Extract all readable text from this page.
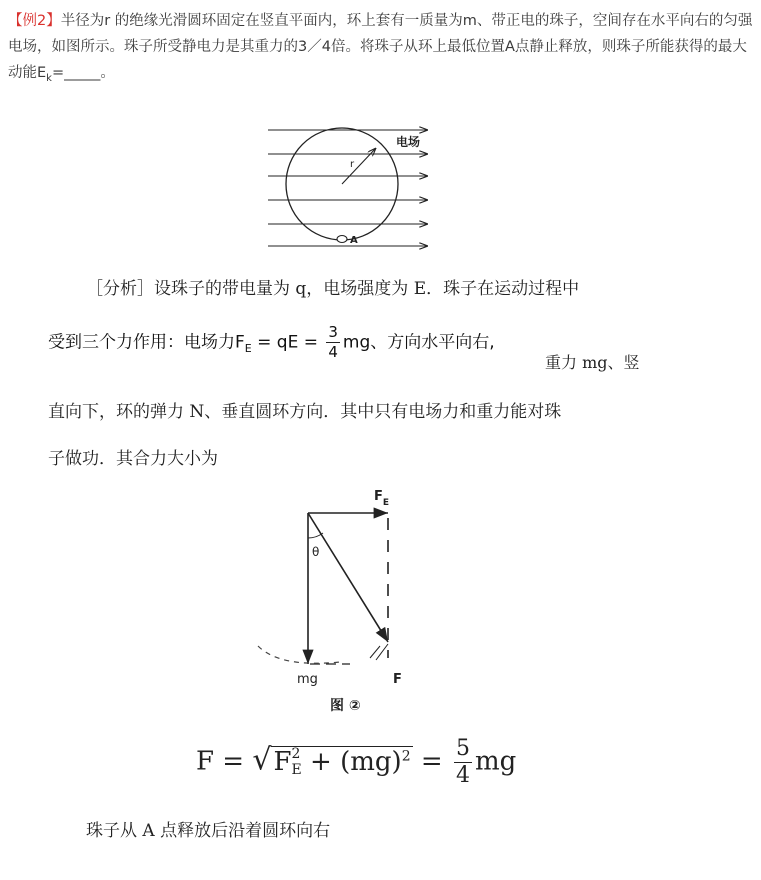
【例2】半径为r 的绝缘光滑圆环固定在竖直平面内，环上套有一质量为m、带正电的珠子，空间存在水平向右的匀强电场，如图所示。珠子所受静电力是其重力的3／4倍。将珠子从环上最低位置A点静止释放，则珠子所能获得的最大动能$E_k=\_\_\_\_\_$。
电场
r
A
［分析］设珠子的带电量为 q，电场强度为 E．珠子在运动过程中
受到三个力作用：电场力$F_E$ = qE = $\frac{3}{4}$ mg、方向水平向右,
重力 mg、竖
直向下，环的弹力 N、垂直圆环方向．其中只有电场力和重力能对珠
子做功．其合力大小为
$F_E$
θ
mg	F
图 ②
F = √F 2
$E + (mg)^2 = \frac{5}{4}$ mg
珠子从 A 点释放后沿着圆环向右
